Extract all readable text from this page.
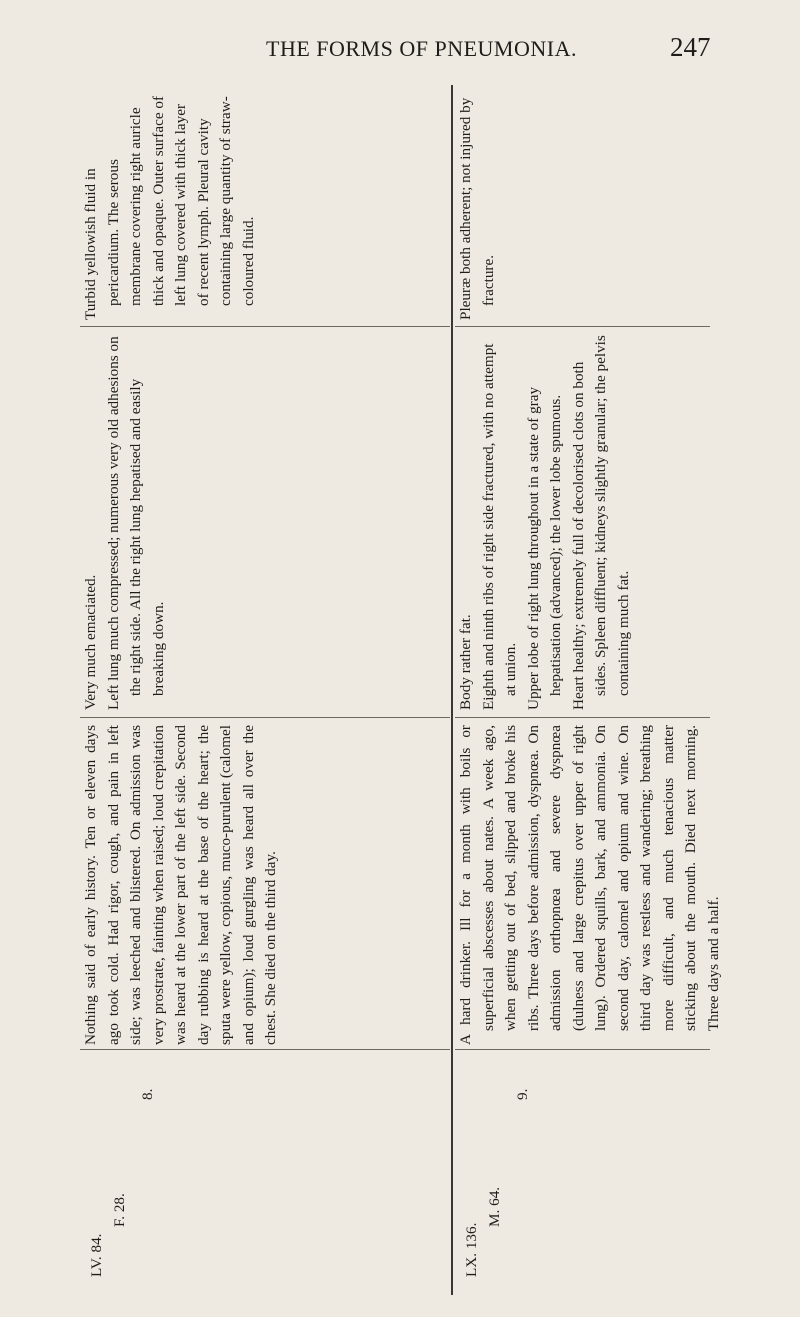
THE FORMS OF PNEUMONIA.	247
LV. 84.
F. 28.
8.

Nothing said of early history. Ten or eleven days ago took cold. Had rigor, cough, and pain in left side; was leeched and blistered. On admission was very prostrate, fainting when raised; loud crepitation was heard at the lower part of the left side. Second day rubbing is heard at the base of the heart; the sputa were yellow, copious, muco-purulent (calomel and opium); loud gurgling was heard all over the chest. She died on the third day.

Very much emaciated. Left lung much compressed; numerous very old adhesions on the right side. All the right lung hepatised and easily breaking down.

Turbid yellowish fluid in pericardium. The serous membrane covering right auricle thick and opaque. Outer surface of left lung covered with thick layer of recent lymph. Pleural cavity containing large quantity of straw-coloured fluid.

LX. 136.
M. 64.
9.

A hard drinker. Ill for a month with boils or superficial abscesses about nates. A week ago, when getting out of bed, slipped and broke his ribs. Three days before admission, dyspnœa. On admission orthopnœa and severe dyspnœa (dulness and large crepitus over upper of right lung). Ordered squills, bark, and ammonia. On second day, calomel and opium and wine. On third day was restless and wandering; breathing more difficult, and much tenacious matter sticking about the mouth. Died next morning. Three days and a half.

Body rather fat. Eighth and ninth ribs of right side fractured, with no attempt at union. Upper lobe of right lung throughout in a state of gray hepatisation (advanced); the lower lobe spumous. Heart healthy; extremely full of decolorised clots on both sides. Spleen diffluent; kidneys slightly granular; the pelvis containing much fat.

Pleuræ both adherent; not injured by fracture.
